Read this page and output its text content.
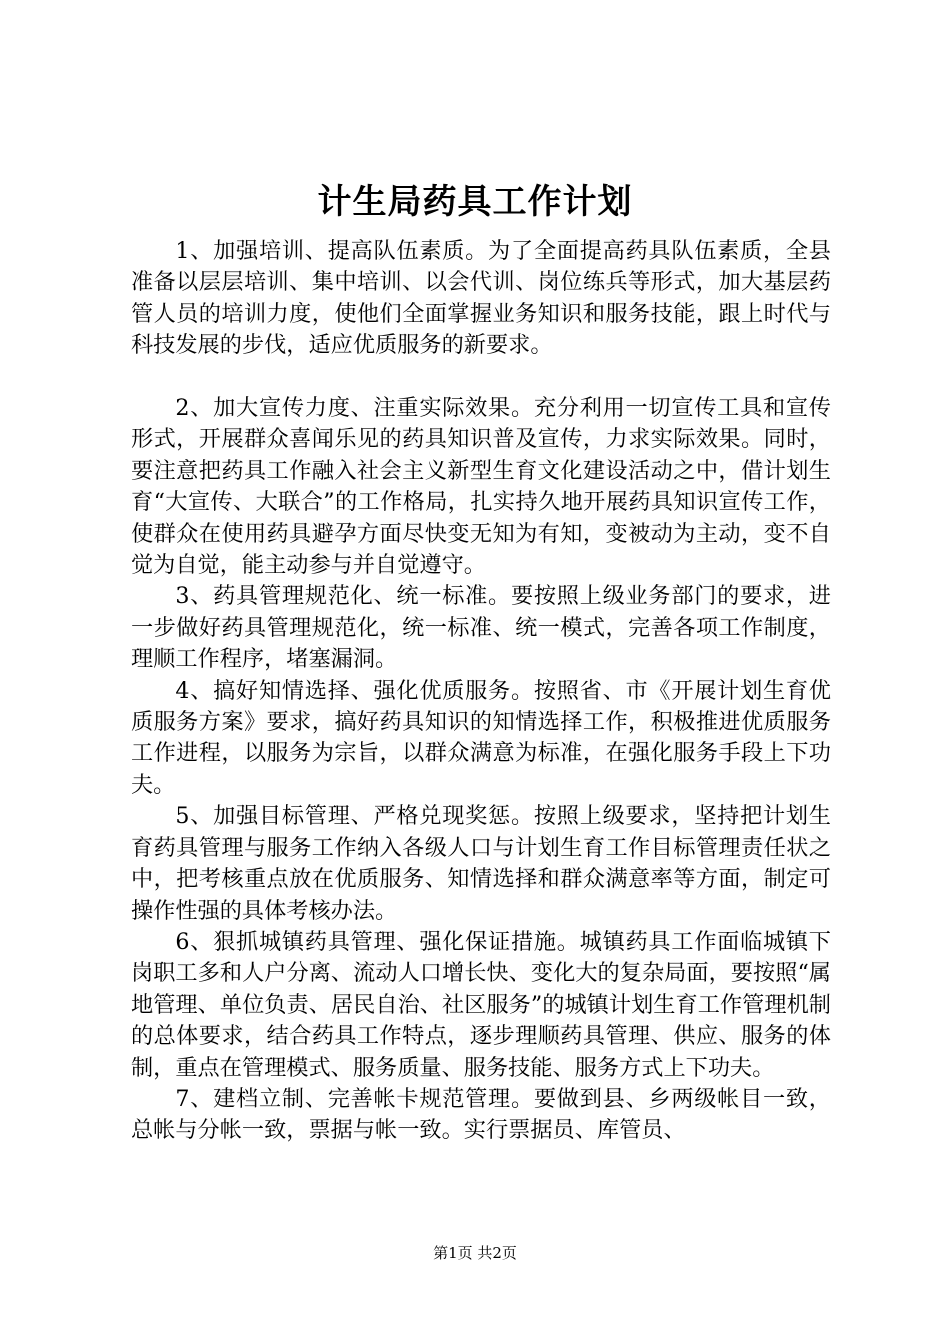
计生局药具工作计划

1、加强培训、提高队伍素质。为了全面提高药具队伍素质，全县准备以层层培训、集中培训、以会代训、岗位练兵等形式，加大基层药管人员的培训力度，使他们全面掌握业务知识和服务技能，跟上时代与科技发展的步伐，适应优质服务的新要求。

2、加大宣传力度、注重实际效果。充分利用一切宣传工具和宣传形式，开展群众喜闻乐见的药具知识普及宣传，力求实际效果。同时，要注意把药具工作融入社会主义新型生育文化建设活动之中，借计划生育“大宣传、大联合”的工作格局，扎实持久地开展药具知识宣传工作，使群众在使用药具避孕方面尽快变无知为有知，变被动为主动，变不自觉为自觉，能主动参与并自觉遵守。

3、药具管理规范化、统一标准。要按照上级业务部门的要求，进一步做好药具管理规范化，统一标准、统一模式，完善各项工作制度，理顺工作程序，堵塞漏洞。

4、搞好知情选择、强化优质服务。按照省、市《开展计划生育优质服务方案》要求，搞好药具知识的知情选择工作，积极推进优质服务工作进程，以服务为宗旨，以群众满意为标准，在强化服务手段上下功夫。

5、加强目标管理、严格兑现奖惩。按照上级要求，坚持把计划生育药具管理与服务工作纳入各级人口与计划生育工作目标管理责任状之中，把考核重点放在优质服务、知情选择和群众满意率等方面，制定可操作性强的具体考核办法。

6、狠抓城镇药具管理、强化保证措施。城镇药具工作面临城镇下岗职工多和人户分离、流动人口增长快、变化大的复杂局面，要按照“属地管理、单位负责、居民自治、社区服务”的城镇计划生育工作管理机制的总体要求，结合药具工作特点，逐步理顺药具管理、供应、服务的体制，重点在管理模式、服务质量、服务技能、服务方式上下功夫。

7、建档立制、完善帐卡规范管理。要做到县、乡两级帐目一致，总帐与分帐一致，票据与帐一致。实行票据员、库管员、

第1页 共2页
